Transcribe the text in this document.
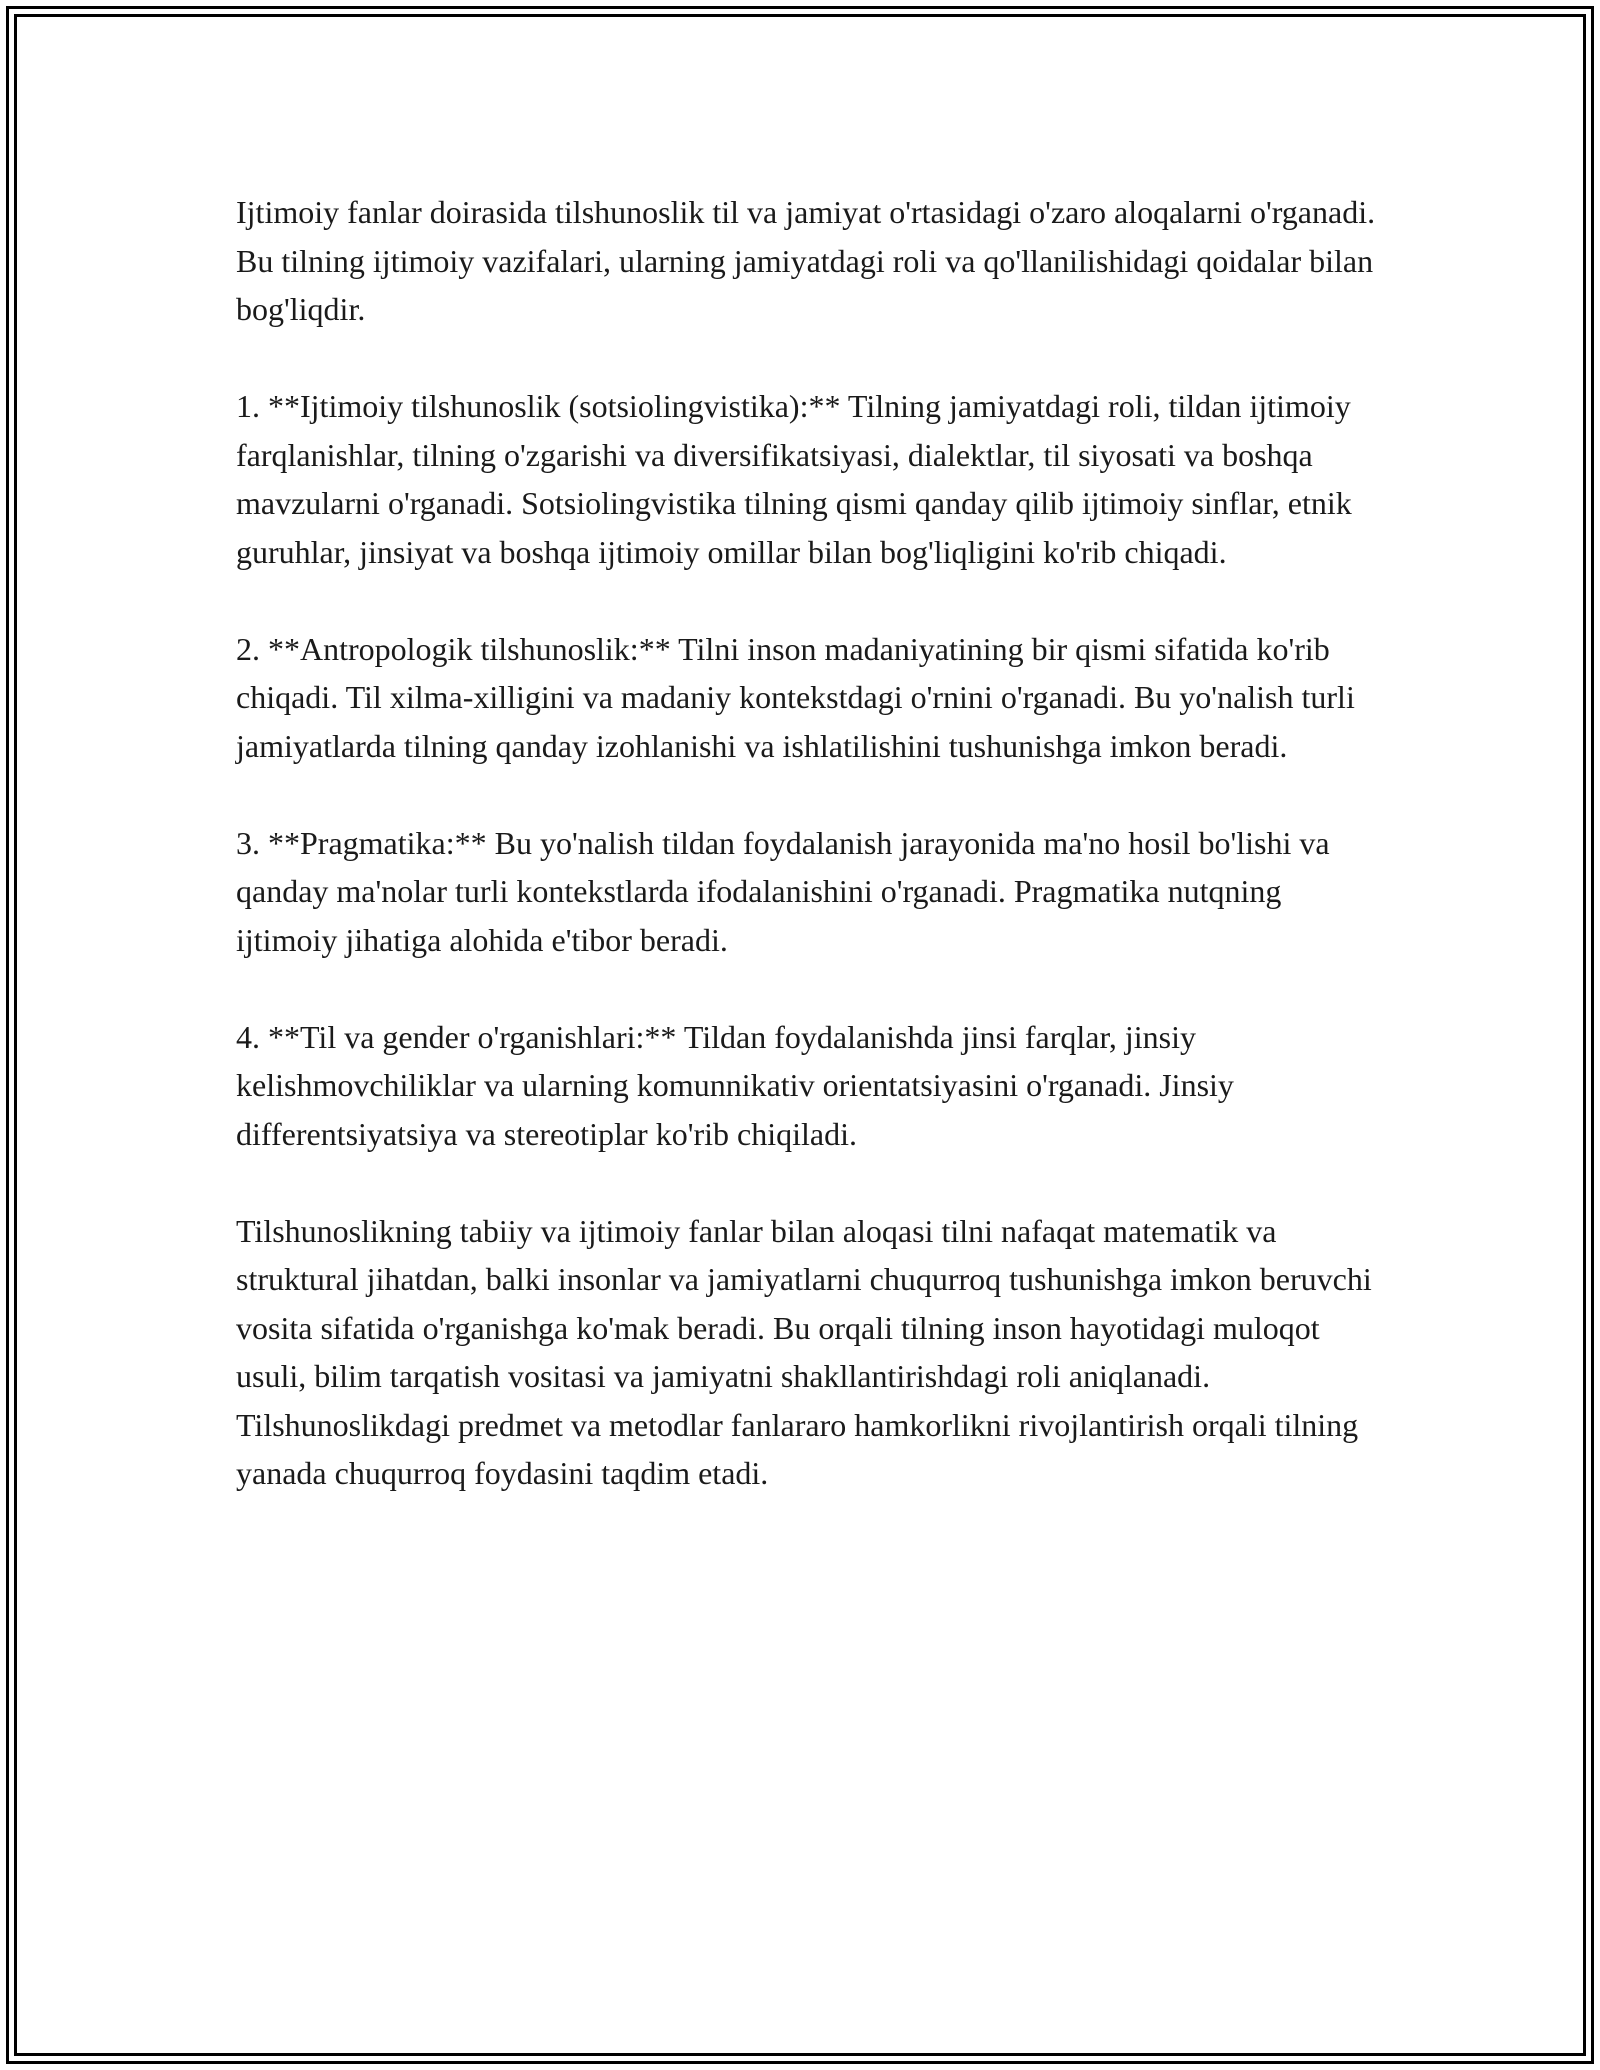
Ijtimoiy fanlar doirasida tilshunoslik til va jamiyat o'rtasidagi o'zaro aloqalarni o'rganadi. Bu tilning ijtimoiy vazifalari, ularning jamiyatdagi roli va qo'llanilishidagi qoidalar bilan bog'liqdir.

1. **Ijtimoiy tilshunoslik (sotsiolingvistika):** Tilning jamiyatdagi roli, tildan ijtimoiy farqlanishlar, tilning o'zgarishi va diversifikatsiyasi, dialektlar, til siyosati va boshqa mavzularni o'rganadi. Sotsiolingvistika tilning qismi qanday qilib ijtimoiy sinflar, etnik guruhlar, jinsiyat va boshqa ijtimoiy omillar bilan bog'liqligini ko'rib chiqadi.

2. **Antropologik tilshunoslik:** Tilni inson madaniyatining bir qismi sifatida ko'rib chiqadi. Til xilma-xilligini va madaniy kontekstdagi o'rnini o'rganadi. Bu yo'nalish turli jamiyatlarda tilning qanday izohlanishi va ishlatilishini tushunishga imkon beradi.

3. **Pragmatika:** Bu yo'nalish tildan foydalanish jarayonida ma'no hosil bo'lishi va qanday ma'nolar turli kontekstlarda ifodalanishini o'rganadi. Pragmatika nutqning ijtimoiy jihatiga alohida e'tibor beradi.

4. **Til va gender o'rganishlari:** Tildan foydalanishda jinsi farqlar, jinsiy kelishmovchiliklar va ularning komunnikativ orientatsiyasini o'rganadi. Jinsiy differentsiyatsiya va stereotiplar ko'rib chiqiladi.

Tilshunoslikning tabiiy va ijtimoiy fanlar bilan aloqasi tilni nafaqat matematik va struktural jihatdan, balki insonlar va jamiyatlarni chuqurroq tushunishga imkon beruvchi vosita sifatida o'rganishga ko'mak beradi. Bu orqali tilning inson hayotidagi muloqot usuli, bilim tarqatish vositasi va jamiyatni shakllantirishdagi roli aniqlanadi. Tilshunoslikdagi predmet va metodlar fanlararo hamkorlikni rivojlantirish orqali tilning yanada chuqurroq foydasini taqdim etadi.
